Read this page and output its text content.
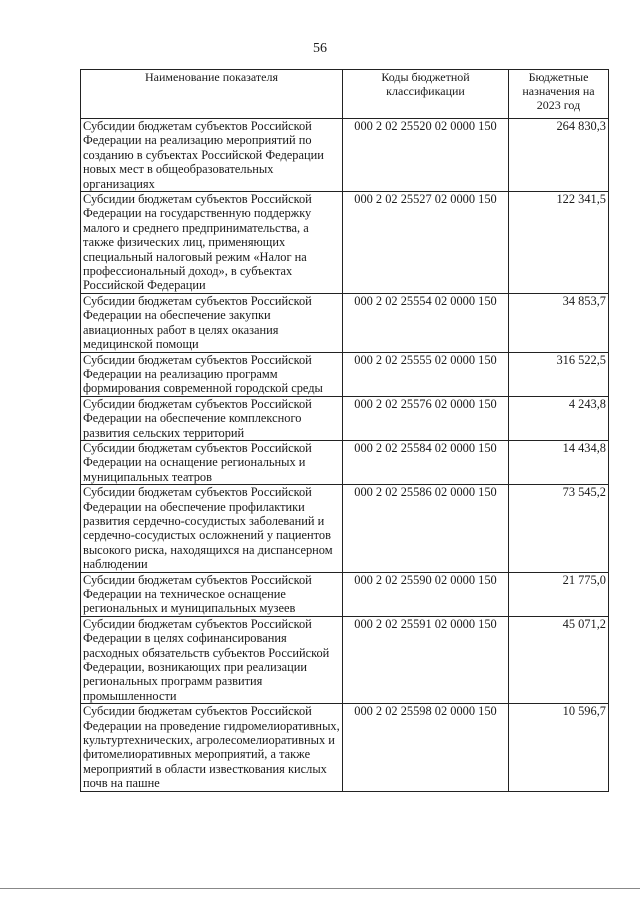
56
Наименование показателя	Коды бюджетной классификации	Бюджетные назначения на 2023 год
Субсидии бюджетам субъектов Российской Федерации на реализацию мероприятий по созданию в субъектах Российской Федерации новых мест в общеобразовательных организациях	000 2 02 25520 02 0000 150	264 830,3
Субсидии бюджетам субъектов Российской Федерации на государственную поддержку малого и среднего предпринимательства, а также физических лиц, применяющих специальный налоговый режим «Налог на профессиональный доход», в субъектах Российской Федерации	000 2 02 25527 02 0000 150	122 341,5
Субсидии бюджетам субъектов Российской Федерации на обеспечение закупки авиационных работ в целях оказания медицинской помощи	000 2 02 25554 02 0000 150	34 853,7
Субсидии бюджетам субъектов Российской Федерации на реализацию программ формирования современной городской среды	000 2 02 25555 02 0000 150	316 522,5
Субсидии бюджетам субъектов Российской Федерации на обеспечение комплексного развития сельских территорий	000 2 02 25576 02 0000 150	4 243,8
Субсидии бюджетам субъектов Российской Федерации на оснащение региональных и муниципальных театров	000 2 02 25584 02 0000 150	14 434,8
Субсидии бюджетам субъектов Российской Федерации на обеспечение профилактики развития сердечно-сосудистых заболеваний и сердечно-сосудистых осложнений у пациентов высокого риска, находящихся на диспансерном наблюдении	000 2 02 25586 02 0000 150	73 545,2
Субсидии бюджетам субъектов Российской Федерации на техническое оснащение региональных и муниципальных музеев	000 2 02 25590 02 0000 150	21 775,0
Субсидии бюджетам субъектов Российской Федерации в целях софинансирования расходных обязательств субъектов Российской Федерации, возникающих при реализации региональных программ развития промышленности	000 2 02 25591 02 0000 150	45 071,2
Субсидии бюджетам субъектов Российской Федерации на проведение гидромелиоративных, культуртехнических, агролесомелиоративных и фитомелиоративных мероприятий, а также мероприятий в области известкования кислых почв на пашне	000 2 02 25598 02 0000 150	10 596,7
